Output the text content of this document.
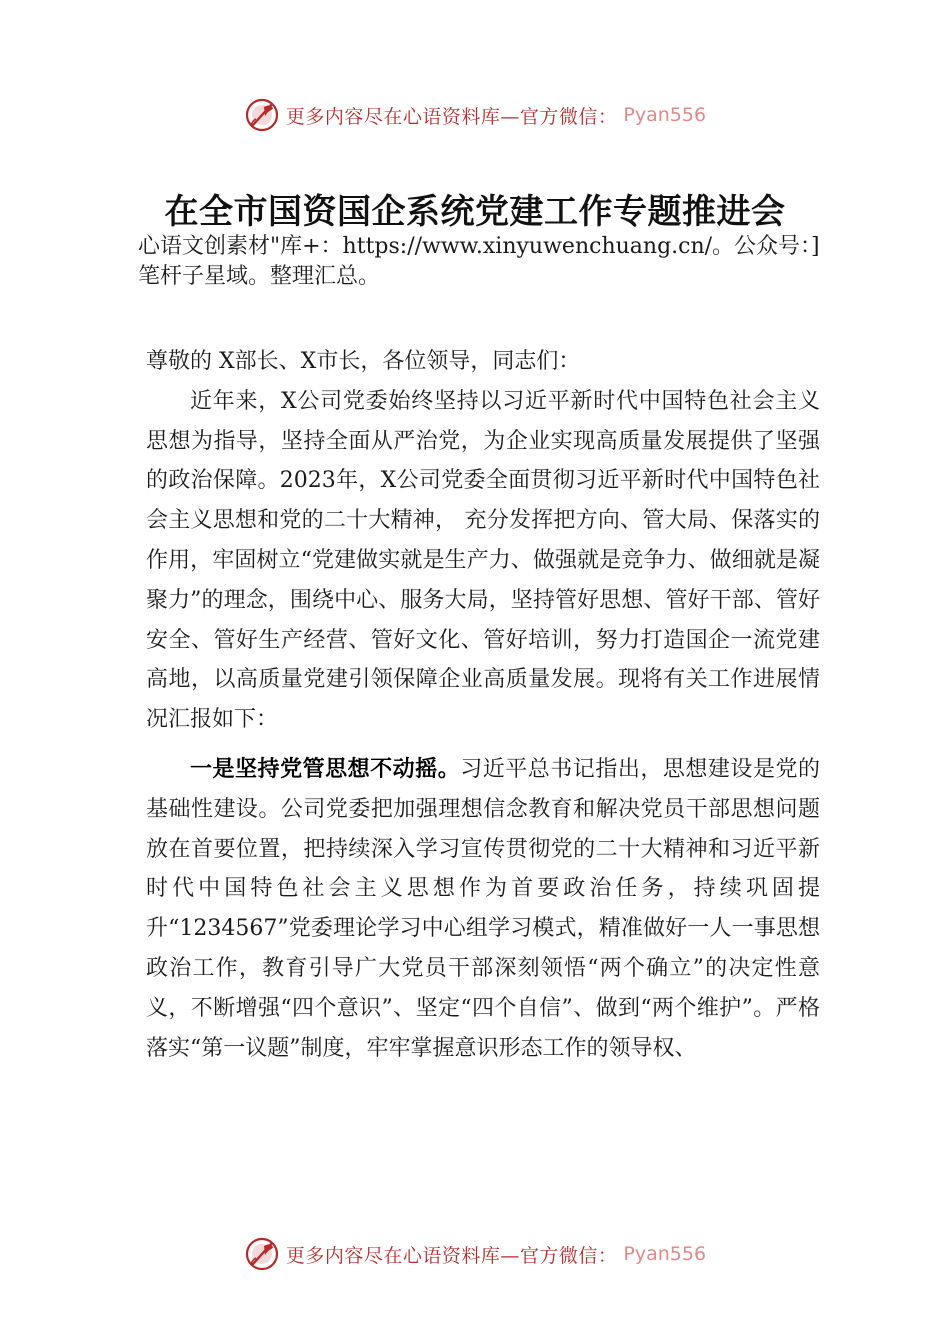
更多内容尽在心语资料库—官方微信： Pyan556
在全市国资国企系统党建工作专题推进会

心语文创素材"库+：https://www.xinyuwenchuang.cn/。公众号：]笔杆子星域。整理汇总。

尊敬的 X部长、X市长，各位领导，同志们：

近年来，X公司党委始终坚持以习近平新时代中国特色社会主义思想为指导，坚持全面从严治党，为企业实现高质量发展提供了坚强的政治保障。2023年，X公司党委全面贯彻习近平新时代中国特色社会主义思想和党的二十大精神， 充分发挥把方向、管大局、保落实的作用，牢固树立“党建做实就是生产力、做强就是竞争力、做细就是凝聚力”的理念，围绕中心、服务大局，坚持管好思想、管好干部、管好安全、管好生产经营、管好文化、管好培训，努力打造国企一流党建高地，以高质量党建引领保障企业高质量发展。现将有关工作进展情况汇报如下：

一是坚持党管思想不动摇。习近平总书记指出，思想建设是党的基础性建设。公司党委把加强理想信念教育和解决党员干部思想问题放在首要位置，把持续深入学习宣传贯彻党的二十大精神和习近平新时代中国特色社会主义思想作为首要政治任务，持续巩固提升“1234567”党委理论学习中心组学习模式，精准做好一人一事思想政治工作，教育引导广大党员干部深刻领悟“两个确立”的决定性意义，不断增强“四个意识”、坚定“四个自信”、做到“两个维护”。严格落实“第一议题”制度，牢牢掌握意识形态工作的领导权、

更多内容尽在心语资料库—官方微信： Pyan556
